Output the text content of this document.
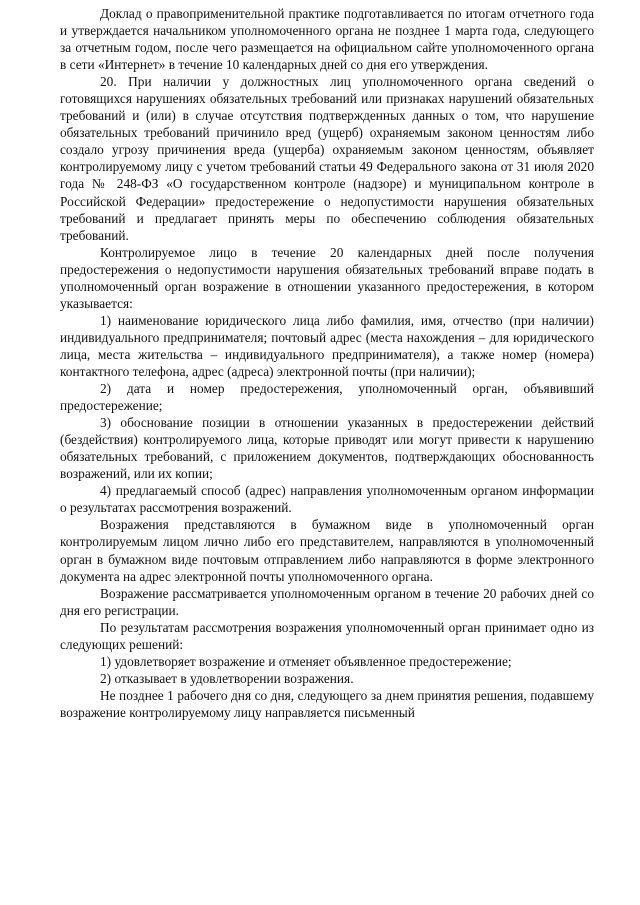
Доклад о правоприменительной практике подготавливается по итогам отчетного года и утверждается начальником уполномоченного органа не позднее 1 марта года, следующего за отчетным годом, после чего размещается на официальном сайте уполномоченного органа в сети «Интернет» в течение 10 календарных дней со дня его утверждения.

20. При наличии у должностных лиц уполномоченного органа сведений о готовящихся нарушениях обязательных требований или признаках нарушений обязательных требований и (или) в случае отсутствия подтвержденных данных о том, что нарушение обязательных требований причинило вред (ущерб) охраняемым законом ценностям либо создало угрозу причинения вреда (ущерба) охраняемым законом ценностям, объявляет контролируемому лицу с учетом требований статьи 49 Федерального закона от 31 июля 2020 года № 248-ФЗ «О государственном контроле (надзоре) и муниципальном контроле в Российской Федерации» предостережение о недопустимости нарушения обязательных требований и предлагает принять меры по обеспечению соблюдения обязательных требований.

Контролируемое лицо в течение 20 календарных дней после получения предостережения о недопустимости нарушения обязательных требований вправе подать в уполномоченный орган возражение в отношении указанного предостережения, в котором указывается:

1) наименование юридического лица либо фамилия, имя, отчество (при наличии) индивидуального предпринимателя; почтовый адрес (места нахождения – для юридического лица, места жительства – индивидуального предпринимателя), а также номер (номера) контактного телефона, адрес (адреса) электронной почты (при наличии);

2) дата и номер предостережения, уполномоченный орган, объявивший предостережение;

3) обоснование позиции в отношении указанных в предостережении действий (бездействия) контролируемого лица, которые приводят или могут привести к нарушению обязательных требований, с приложением документов, подтверждающих обоснованность возражений, или их копии;

4) предлагаемый способ (адрес) направления уполномоченным органом информации о результатах рассмотрения возражений.

Возражения представляются в бумажном виде в уполномоченный орган контролируемым лицом лично либо его представителем, направляются в уполномоченный орган в бумажном виде почтовым отправлением либо направляются в форме электронного документа на адрес электронной почты уполномоченного органа.

Возражение рассматривается уполномоченным органом в течение 20 рабочих дней со дня его регистрации.

По результатам рассмотрения возражения уполномоченный орган принимает одно из следующих решений:

1) удовлетворяет возражение и отменяет объявленное предостережение;

2) отказывает в удовлетворении возражения.

Не позднее 1 рабочего дня со дня, следующего за днем принятия решения, подавшему возражение контролируемому лицу направляется письменный
